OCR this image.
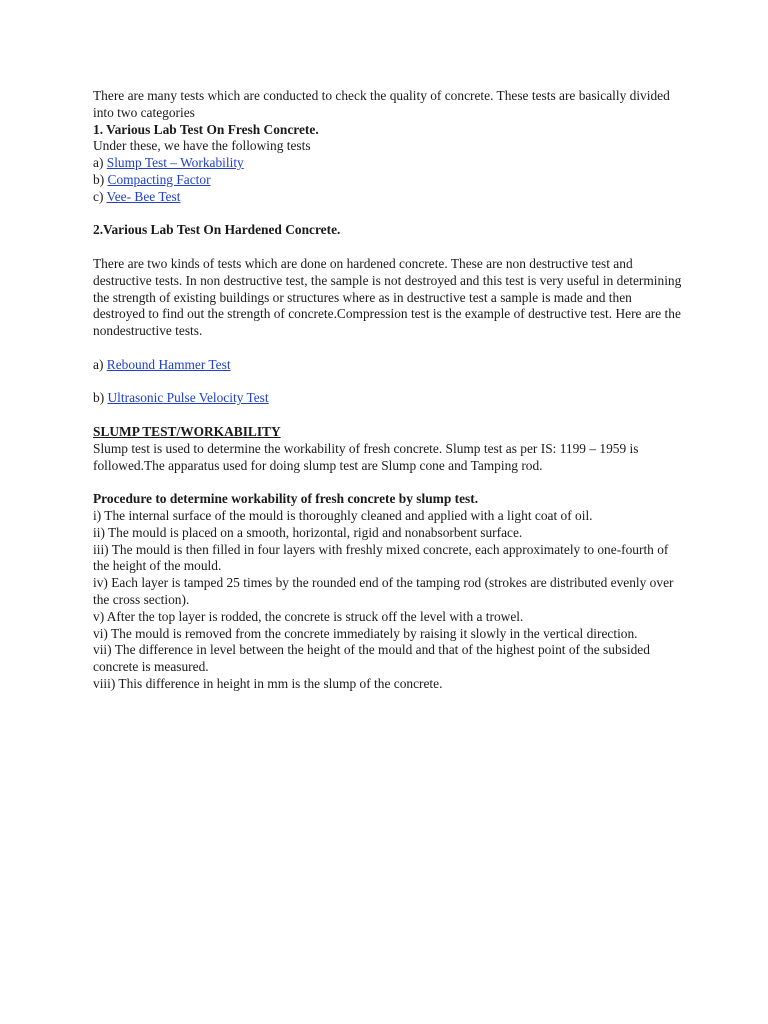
There are many tests which are conducted to check the quality of concrete. These tests are basically divided into two categories

1. Various Lab Test On Fresh Concrete.

Under these, we have the following tests

a) Slump Test – Workability

b) Compacting Factor

c) Vee- Bee Test

2.Various Lab Test On Hardened Concrete.

There are two kinds of tests which are done on hardened concrete. These are non destructive test and destructive tests. In non destructive test, the sample is not destroyed and this test is very useful in determining the strength of existing buildings or structures where as in destructive test a sample is made and then destroyed to find out the strength of concrete.Compression test is the example of destructive test. Here are the nondestructive tests.

a) Rebound Hammer Test

b) Ultrasonic Pulse Velocity Test

SLUMP TEST/WORKABILITY

Slump test is used to determine the workability of fresh concrete. Slump test as per IS: 1199 – 1959 is followed.The apparatus used for doing slump test are Slump cone and Tamping rod.

Procedure to determine workability of fresh concrete by slump test.

i) The internal surface of the mould is thoroughly cleaned and applied with a light coat of oil.

ii) The mould is placed on a smooth, horizontal, rigid and nonabsorbent surface.

iii) The mould is then filled in four layers with freshly mixed concrete, each approximately to one-fourth of the height of the mould.

iv) Each layer is tamped 25 times by the rounded end of the tamping rod (strokes are distributed evenly over the cross section).

v) After the top layer is rodded, the concrete is struck off the level with a trowel.

vi) The mould is removed from the concrete immediately by raising it slowly in the vertical direction.

vii) The difference in level between the height of the mould and that of the highest point of the subsided concrete is measured.

viii) This difference in height in mm is the slump of the concrete.
